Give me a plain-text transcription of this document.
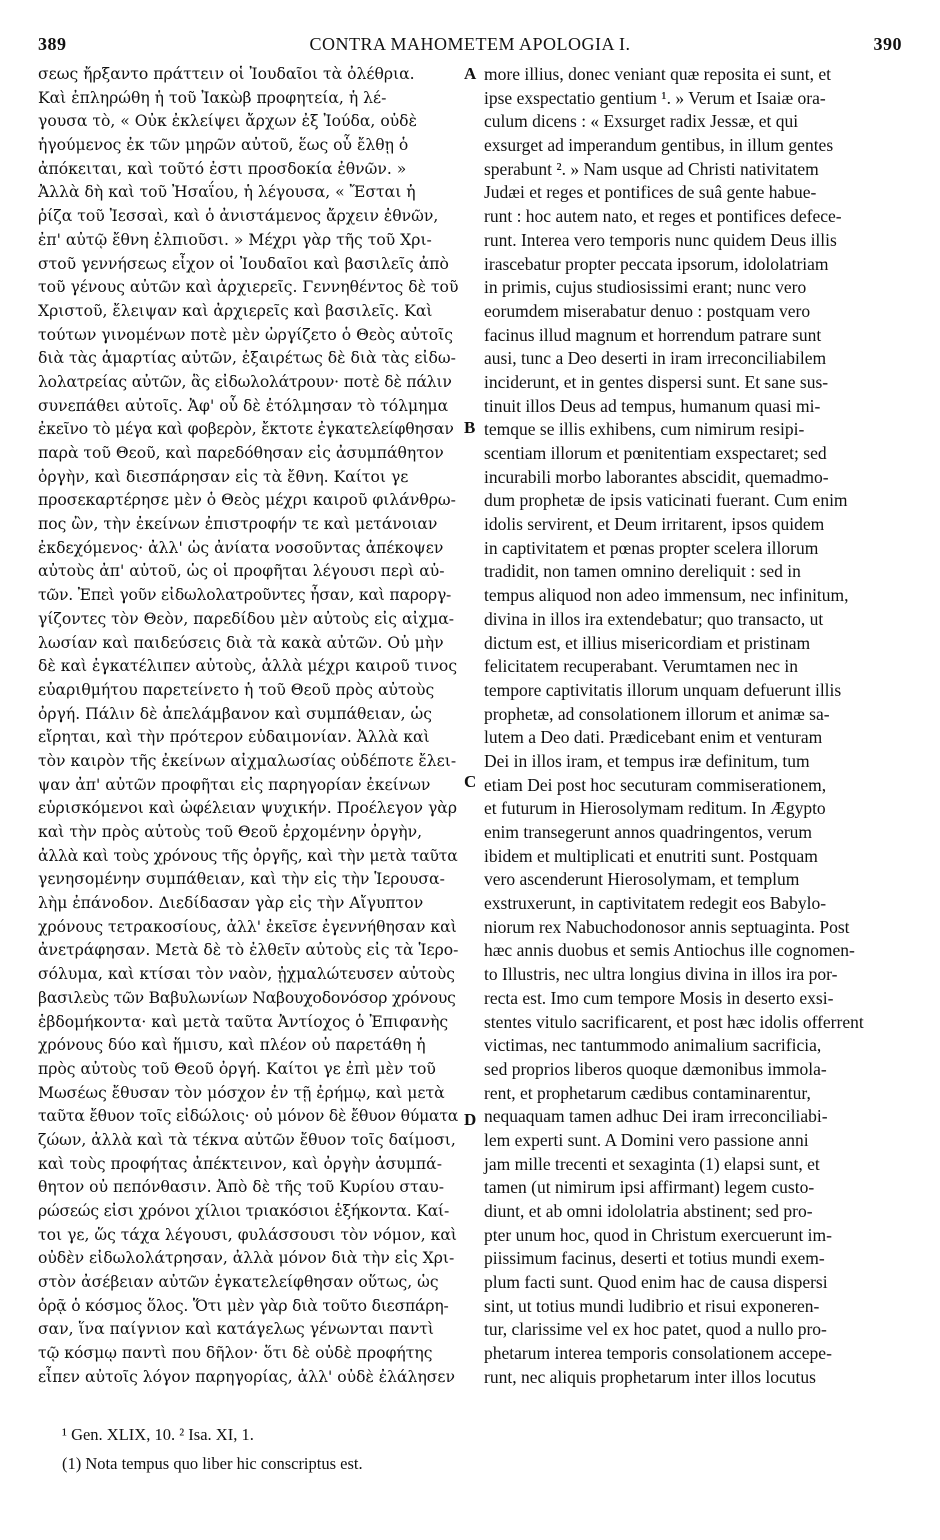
389	CONTRA MAHOMETEM APOLOGIA I.	390
σεως ἤρξαντο πράττειν οἱ Ἰουδαῖοι τὰ ὀλέθρια.
Καὶ ἐπληρώθη ἡ τοῦ Ἰακὼβ προφητεία, ἡ λέ-
γουσα τὸ, « Οὐκ ἐκλείψει ἄρχων ἐξ Ἰούδα, οὐδὲ
ἡγούμενος ἐκ τῶν μηρῶν αὐτοῦ, ἕως οὗ ἔλθῃ ὁ
ἀπόκειται, καὶ τοῦτό ἐστι προσδοκία ἐθνῶν. »
Ἀλλὰ δὴ καὶ τοῦ Ἠσαΐου, ἡ λέγουσα, « Ἔσται ἡ
ῥίζα τοῦ Ἰεσσαὶ, καὶ ὁ ἀνιστάμενος ἄρχειν ἐθνῶν,
ἐπ' αὐτῷ ἔθνη ἐλπιοῦσι. » Μέχρι γὰρ τῆς τοῦ Χρι-
στοῦ γεννήσεως εἶχον οἱ Ἰουδαῖοι καὶ βασιλεῖς ἀπὸ
τοῦ γένους αὐτῶν καὶ ἀρχιερεῖς. Γεννηθέντος δὲ τοῦ
Χριστοῦ, ἔλειψαν καὶ ἀρχιερεῖς καὶ βασιλεῖς. Καὶ
τούτων γινομένων ποτὲ μὲν ὠργίζετο ὁ Θεὸς αὐτοῖς
διὰ τὰς ἁμαρτίας αὐτῶν, ἐξαιρέτως δὲ διὰ τὰς εἰδω-
λολατρείας αὐτῶν, ἃς εἰδωλολάτρουν· ποτὲ δὲ πάλιν
συνεπάθει αὐτοῖς. Ἀφ' οὗ δὲ ἐτόλμησαν τὸ τόλμημα
ἐκεῖνο τὸ μέγα καὶ φοβερὸν, ἔκτοτε ἐγκατελείφθησαν
παρὰ τοῦ Θεοῦ, καὶ παρεδόθησαν εἰς ἀσυμπάθητον
ὀργὴν, καὶ διεσπάρησαν εἰς τὰ ἔθνη. Καίτοι γε
προσεκαρτέρησε μὲν ὁ Θεὸς μέχρι καιροῦ φιλάνθρω-
πος ὢν, τὴν ἐκείνων ἐπιστροφήν τε καὶ μετάνοιαν
ἐκδεχόμενος· ἀλλ' ὡς ἀνίατα νοσοῦντας ἀπέκοψεν
αὐτοὺς ἀπ' αὐτοῦ, ὡς οἱ προφῆται λέγουσι περὶ αὐ-
τῶν. Ἐπεὶ γοῦν εἰδωλολατροῦντες ἦσαν, καὶ παροργ-
γίζοντες τὸν Θεὸν, παρεδίδου μὲν αὐτοὺς εἰς αἰχμα-
λωσίαν καὶ παιδεύσεις διὰ τὰ κακὰ αὐτῶν. Οὐ μὴν
δὲ καὶ ἐγκατέλιπεν αὐτοὺς, ἀλλὰ μέχρι καιροῦ τινος
εὐαριθμήτου παρετείνετο ἡ τοῦ Θεοῦ πρὸς αὐτοὺς
ὀργή. Πάλιν δὲ ἀπελάμβανον καὶ συμπάθειαν, ὡς
εἴρηται, καὶ τὴν πρότερον εὐδαιμονίαν. Ἀλλὰ καὶ
τὸν καιρὸν τῆς ἐκείνων αἰχμαλωσίας οὐδέποτε ἔλει-
ψαν ἀπ' αὐτῶν προφῆται εἰς παρηγορίαν ἐκείνων
εὑρισκόμενοι καὶ ὠφέλειαν ψυχικήν. Προέλεγον γὰρ
καὶ τὴν πρὸς αὐτοὺς τοῦ Θεοῦ ἐρχομένην ὀργὴν,
ἀλλὰ καὶ τοὺς χρόνους τῆς ὀργῆς, καὶ τὴν μετὰ ταῦτα
γενησομένην συμπάθειαν, καὶ τὴν εἰς τὴν Ἱερουσα-
λὴμ ἐπάνοδον. Διεδίδασαν γὰρ εἰς τὴν Αἴγυπτον
χρόνους τετρακοσίους, ἀλλ' ἐκεῖσε ἐγεννήθησαν καὶ
ἀνετράφησαν. Μετὰ δὲ τὸ ἐλθεῖν αὐτοὺς εἰς τὰ Ἱερο-
σόλυμα, καὶ κτίσαι τὸν ναὸν, ᾐχμαλώτευσεν αὐτοὺς
βασιλεὺς τῶν Βαβυλωνίων Ναβουχοδονόσορ χρόνους
ἑβδομήκοντα· καὶ μετὰ ταῦτα Ἀντίοχος ὁ Ἐπιφανὴς
χρόνους δύο καὶ ἥμισυ, καὶ πλέον οὐ παρετάθη ἡ
πρὸς αὐτοὺς τοῦ Θεοῦ ὀργή. Καίτοι γε ἐπὶ μὲν τοῦ
Μωσέως ἔθυσαν τὸν μόσχον ἐν τῇ ἐρήμῳ, καὶ μετὰ
ταῦτα ἔθυον τοῖς εἰδώλοις· οὐ μόνον δὲ ἔθυον θύματα
ζώων, ἀλλὰ καὶ τὰ τέκνα αὐτῶν ἔθυον τοῖς δαίμοσι,
καὶ τοὺς προφήτας ἀπέκτεινον, καὶ ὀργὴν ἀσυμπά-
θητον οὐ πεπόνθασιν. Ἀπὸ δὲ τῆς τοῦ Κυρίου σταυ-
ρώσεώς εἰσι χρόνοι χίλιοι τριακόσιοι ἑξήκοντα. Καί-
τοι γε, ὥς τάχα λέγουσι, φυλάσσουσι τὸν νόμον, καὶ
οὐδὲν εἰδωλολάτρησαν, ἀλλὰ μόνον διὰ τὴν εἰς Χρι-
στὸν ἀσέβειαν αὐτῶν ἐγκατελείφθησαν οὕτως, ὡς
ὁρᾷ ὁ κόσμος ὅλος. Ὅτι μὲν γὰρ διὰ τοῦτο διεσπάρη-
σαν, ἵνα παίγνιον καὶ κατάγελως γένωνται παντὶ
τῷ κόσμῳ παντὶ που δῆλον· ὅτι δὲ οὐδὲ προφήτης
εἶπεν αὐτοῖς λόγον παρηγορίας, ἀλλ' οὐδὲ ἐλάλησεν
more illius, donec veniant quæ reposita ei sunt, et
ipse exspectatio gentium ¹. » Verum et Isaiæ ora-
culum dicens : « Exsurget radix Jessæ, et qui
exsurget ad imperandum gentibus, in illum gentes
sperabunt ². » Nam usque ad Christi nativitatem
Judæi et reges et pontifices de suâ gente habue-
runt : hoc autem nato, et reges et pontifices defece-
runt. Interea vero temporis nunc quidem Deus illis
irascebatur propter peccata ipsorum, idololatriam
in primis, cujus studiosissimi erant; nunc vero
eorumdem miserabatur denuo : postquam vero
facinus illud magnum et horrendum patrare sunt
ausi, tunc a Deo deserti in iram irreconciliabilem
inciderunt, et in gentes dispersi sunt. Et sane sus-
tinuit illos Deus ad tempus, humanum quasi mi-
temque se illis exhibens, cum nimirum resipi-
scentiam illorum et pœnitentiam exspectaret; sed
incurabili morbo laborantes abscidit, quemadmo-
dum prophetæ de ipsis vaticinati fuerant. Cum enim
idolis servirent, et Deum irritarent, ipsos quidem
in captivitatem et pœnas propter scelera illorum
tradidit, non tamen omnino dereliquit : sed in
tempus aliquod non adeo immensum, nec infinitum,
divina in illos ira extendebatur; quo transacto, ut
dictum est, et illius misericordiam et pristinam
felicitatem recuperabant. Verumtamen nec in
tempore captivitatis illorum unquam defuerunt illis
prophetæ, ad consolationem illorum et animæ sa-
lutem a Deo dati. Prædicebant enim et venturam
Dei in illos iram, et tempus iræ definitum, tum
etiam Dei post hoc secuturam commiserationem,
et futurum in Hierosolymam reditum. In Ægypto
enim transegerunt annos quadringentos, verum
ibidem et multiplicati et enutriti sunt. Postquam
vero ascenderunt Hierosolymam, et templum
exstruxerunt, in captivitatem redegit eos Babylo-
niorum rex Nabuchodonosor annis septuaginta. Post
hæc annis duobus et semis Antiochus ille cognomen-
to Illustris, nec ultra longius divina in illos ira por-
recta est. Imo cum tempore Mosis in deserto exsi-
stentes vitulo sacrificarent, et post hæc idolis offerrent
victimas, nec tantummodo animalium sacrificia,
sed proprios liberos quoque dæmonibus immola-
rent, et prophetarum cædibus contaminarentur,
nequaquam tamen adhuc Dei iram irreconciliabi-
lem experti sunt. A Domini vero passione anni
jam mille trecenti et sexaginta (1) elapsi sunt, et
tamen (ut nimirum ipsi affirmant) legem custo-
diunt, et ab omni idololatria abstinent; sed pro-
pter unum hoc, quod in Christum exercuerunt im-
piissimum facinus, deserti et totius mundi exem-
plum facti sunt. Quod enim hac de causa dispersi
sint, ut totius mundi ludibrio et risui exponeren-
tur, clarissime vel ex hoc patet, quod a nullo pro-
phetarum interea temporis consolationem accepe-
runt, nec aliquis prophetarum inter illos locutus
A
B
C
D
¹ Gen. XLIX, 10. ² Isa. XI, 1.
(1) Nota tempus quo liber hic conscriptus est.
